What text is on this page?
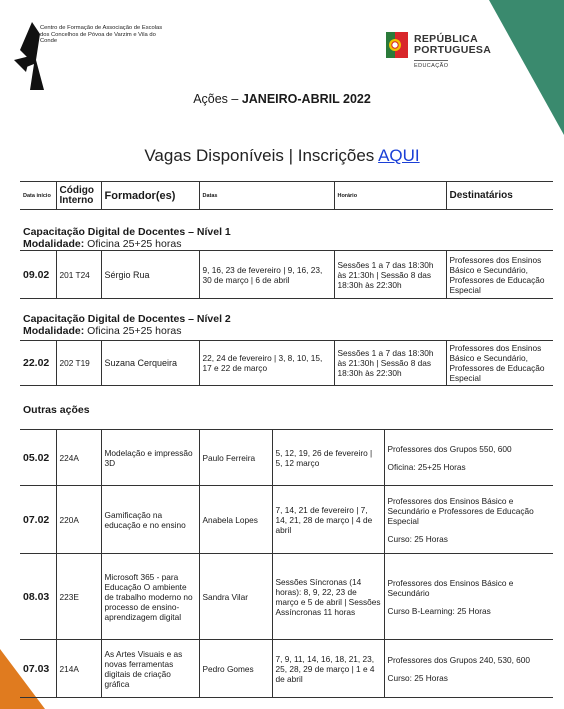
Centro de Formação de Associação de Escolas dos Concelhos de Póvoa de Varzim e Vila do Conde	REPÚBLICA
PORTUGUESA
EDUCAÇÃO
Ações – JANEIRO-ABRIL 2022
Vagas Disponíveis | Inscrições AQUI
Data início	Código Interno	Formador(es)	Datas	Horário	Destinatários
Capacitação Digital de Docentes – Nível 1
Modalidade: Oficina 25+25 horas
09.02	201 T24	Sérgio Rua	9, 16, 23 de fevereiro | 9, 16, 23, 30 de março | 6 de abril	Sessões 1 a 7 das 18:30h às 21:30h | Sessão 8 das 18:30h às 22:30h	Professores dos Ensinos Básico e Secundário, Professores de Educação Especial
Capacitação Digital de Docentes – Nível 2
Modalidade: Oficina 25+25 horas
22.02	202 T19	Suzana Cerqueira	22, 24 de fevereiro | 3, 8, 10, 15, 17 e 22 de março	Sessões 1 a 7 das 18:30h às 21:30h | Sessão 8 das 18:30h às 22:30h	Professores dos Ensinos Básico e Secundário, Professores de Educação Especial
Outras ações
05.02	224A	Modelação e impressão 3D	Paulo Ferreira	5, 12, 19, 26 de fevereiro | 5, 12 março	Professores dos Grupos 550, 600
Oficina: 25+25 Horas

07.02	220A	Gamificação na educação e no ensino	Anabela Lopes	7, 14, 21 de fevereiro | 7, 14, 21, 28 de março | 4 de abril	Professores dos Ensinos Básico e Secundário e Professores de Educação Especial
Curso: 25 Horas

08.03	223E	Microsoft 365 - para Educação O ambiente de trabalho moderno no processo de ensino-aprendizagem digital	Sandra Vilar	Sessões Síncronas (14 horas): 8, 9, 22, 23 de março e 5 de abril | Sessões Assíncronas 11 horas	Professores dos Ensinos Básico e Secundário
Curso B-Learning: 25 Horas

07.03	214A	As Artes Visuais e as novas ferramentas digitais de criação gráfica	Pedro Gomes	7, 9, 11, 14, 16, 18, 21, 23, 25, 28, 29 de março | 1 e 4 de abril	Professores dos Grupos 240, 530, 600
Curso: 25 Horas
